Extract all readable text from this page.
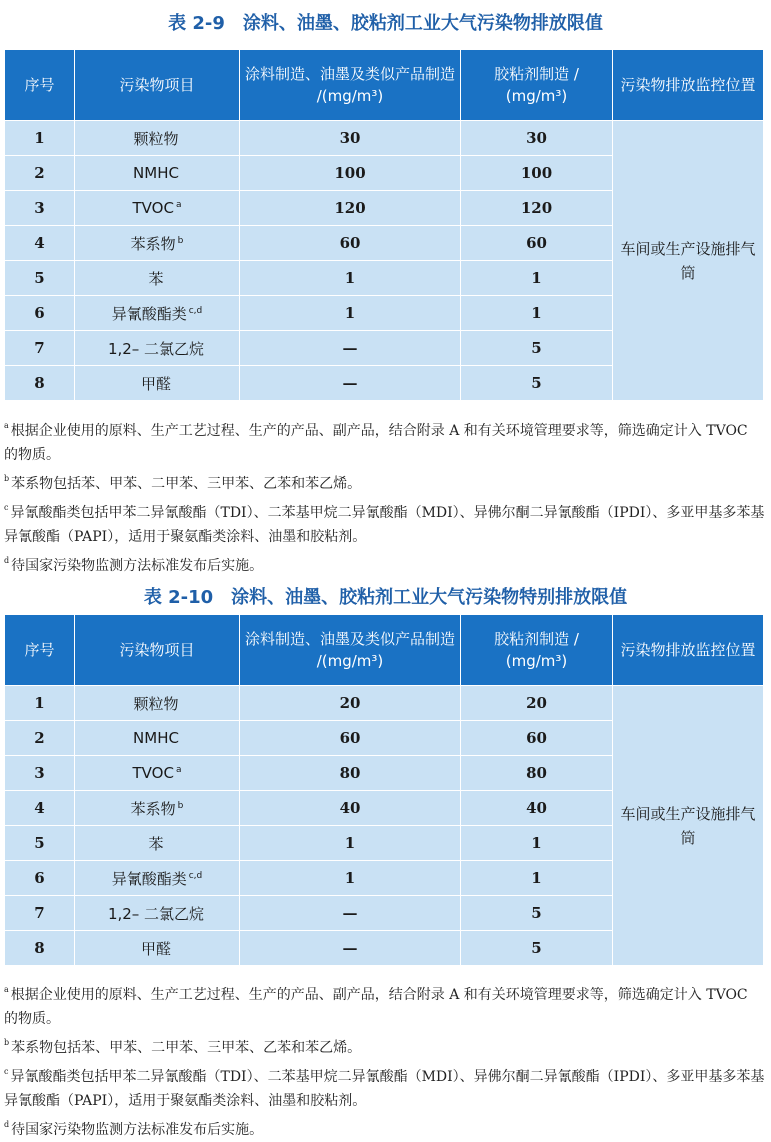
表 2-9　涂料、油墨、胶粘剂工业大气污染物排放限值
序号	污染物项目	涂料制造、油墨及类似产品制造 /(mg/m³)	胶粘剂制造 / (mg/m³)	污染物排放监控位置
1	颗粒物	30	30	车间或生产设施排气筒
2	NMHC	100	100	
3	TVOC $^a$	120	120	
4	苯系物 $^b$	60	60	
5	苯	1	1	
6	异氰酸酯类 $^{c,d}$	1	1	
7	1,2– 二氯乙烷	—	5	
8	甲醛	—	5	

$^a$ 根据企业使用的原料、生产工艺过程、生产的产品、副产品，结合附录 A 和有关环境管理要求等，筛选确定计入 TVOC 的物质。

$^b$ 苯系物包括苯、甲苯、二甲苯、三甲苯、乙苯和苯乙烯。

$^c$ 异氰酸酯类包括甲苯二异氰酸酯（TDI）、二苯基甲烷二异氰酸酯（MDI）、异佛尔酮二异氰酸酯（IPDI）、多亚甲基多苯基异氰酸酯（PAPI），适用于聚氨酯类涂料、油墨和胶粘剂。

$^d$ 待国家污染物监测方法标准发布后实施。

表 2-10　涂料、油墨、胶粘剂工业大气污染物特别排放限值
序号	污染物项目	涂料制造、油墨及类似产品制造 /(mg/m³)	胶粘剂制造 / (mg/m³)	污染物排放监控位置
1	颗粒物	20	20	车间或生产设施排气筒
2	NMHC	60	60	
3	TVOC $^a$	80	80	
4	苯系物 $^b$	40	40	
5	苯	1	1	
6	异氰酸酯类 $^{c,d}$	1	1	
7	1,2– 二氯乙烷	—	5	
8	甲醛	—	5	

$^a$ 根据企业使用的原料、生产工艺过程、生产的产品、副产品，结合附录 A 和有关环境管理要求等，筛选确定计入 TVOC 的物质。

$^b$ 苯系物包括苯、甲苯、二甲苯、三甲苯、乙苯和苯乙烯。

$^c$ 异氰酸酯类包括甲苯二异氰酸酯（TDI）、二苯基甲烷二异氰酸酯（MDI）、异佛尔酮二异氰酸酯（IPDI）、多亚甲基多苯基异氰酸酯（PAPI），适用于聚氨酯类涂料、油墨和胶粘剂。

$^d$ 待国家污染物监测方法标准发布后实施。
